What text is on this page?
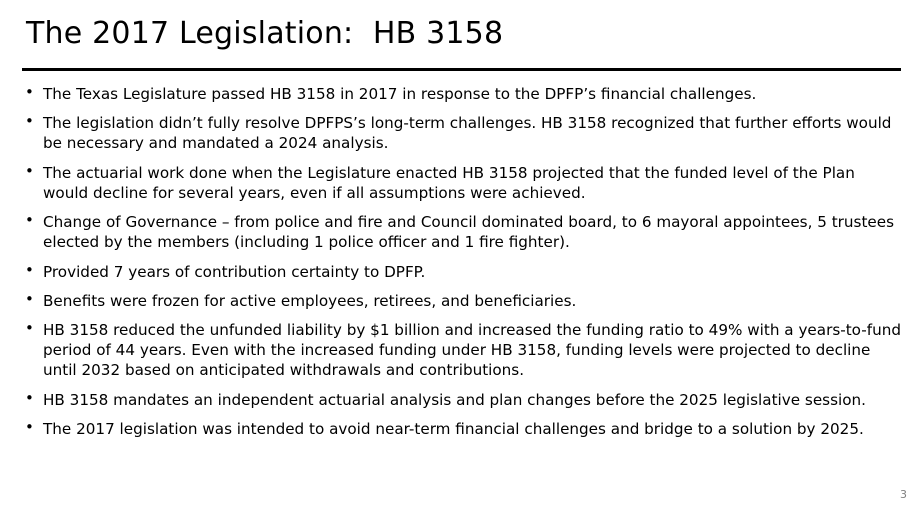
The 2017 Legislation:  HB 3158
• The Texas Legislature passed HB 3158 in 2017 in response to the DPFP’s financial challenges.
• The legislation didn’t fully resolve DPFPS’s long-term challenges. HB 3158 recognized that further efforts would be necessary and mandated a 2024 analysis.
• The actuarial work done when the Legislature enacted HB 3158 projected that the funded level of the Plan would decline for several years, even if all assumptions were achieved.
• Change of Governance – from police and fire and Council dominated board, to 6 mayoral appointees, 5 trustees elected by the members (including 1 police officer and 1 fire fighter).
• Provided 7 years of contribution certainty to DPFP.
• Benefits were frozen for active employees, retirees, and beneficiaries.
• HB 3158 reduced the unfunded liability by $1 billion and increased the funding ratio to 49% with a years-to-fund period of 44 years. Even with the increased funding under HB 3158, funding levels were projected to decline until 2032 based on anticipated withdrawals and contributions.
• HB 3158 mandates an independent actuarial analysis and plan changes before the 2025 legislative session.
• The 2017 legislation was intended to avoid near-term financial challenges and bridge to a solution by 2025.
3
